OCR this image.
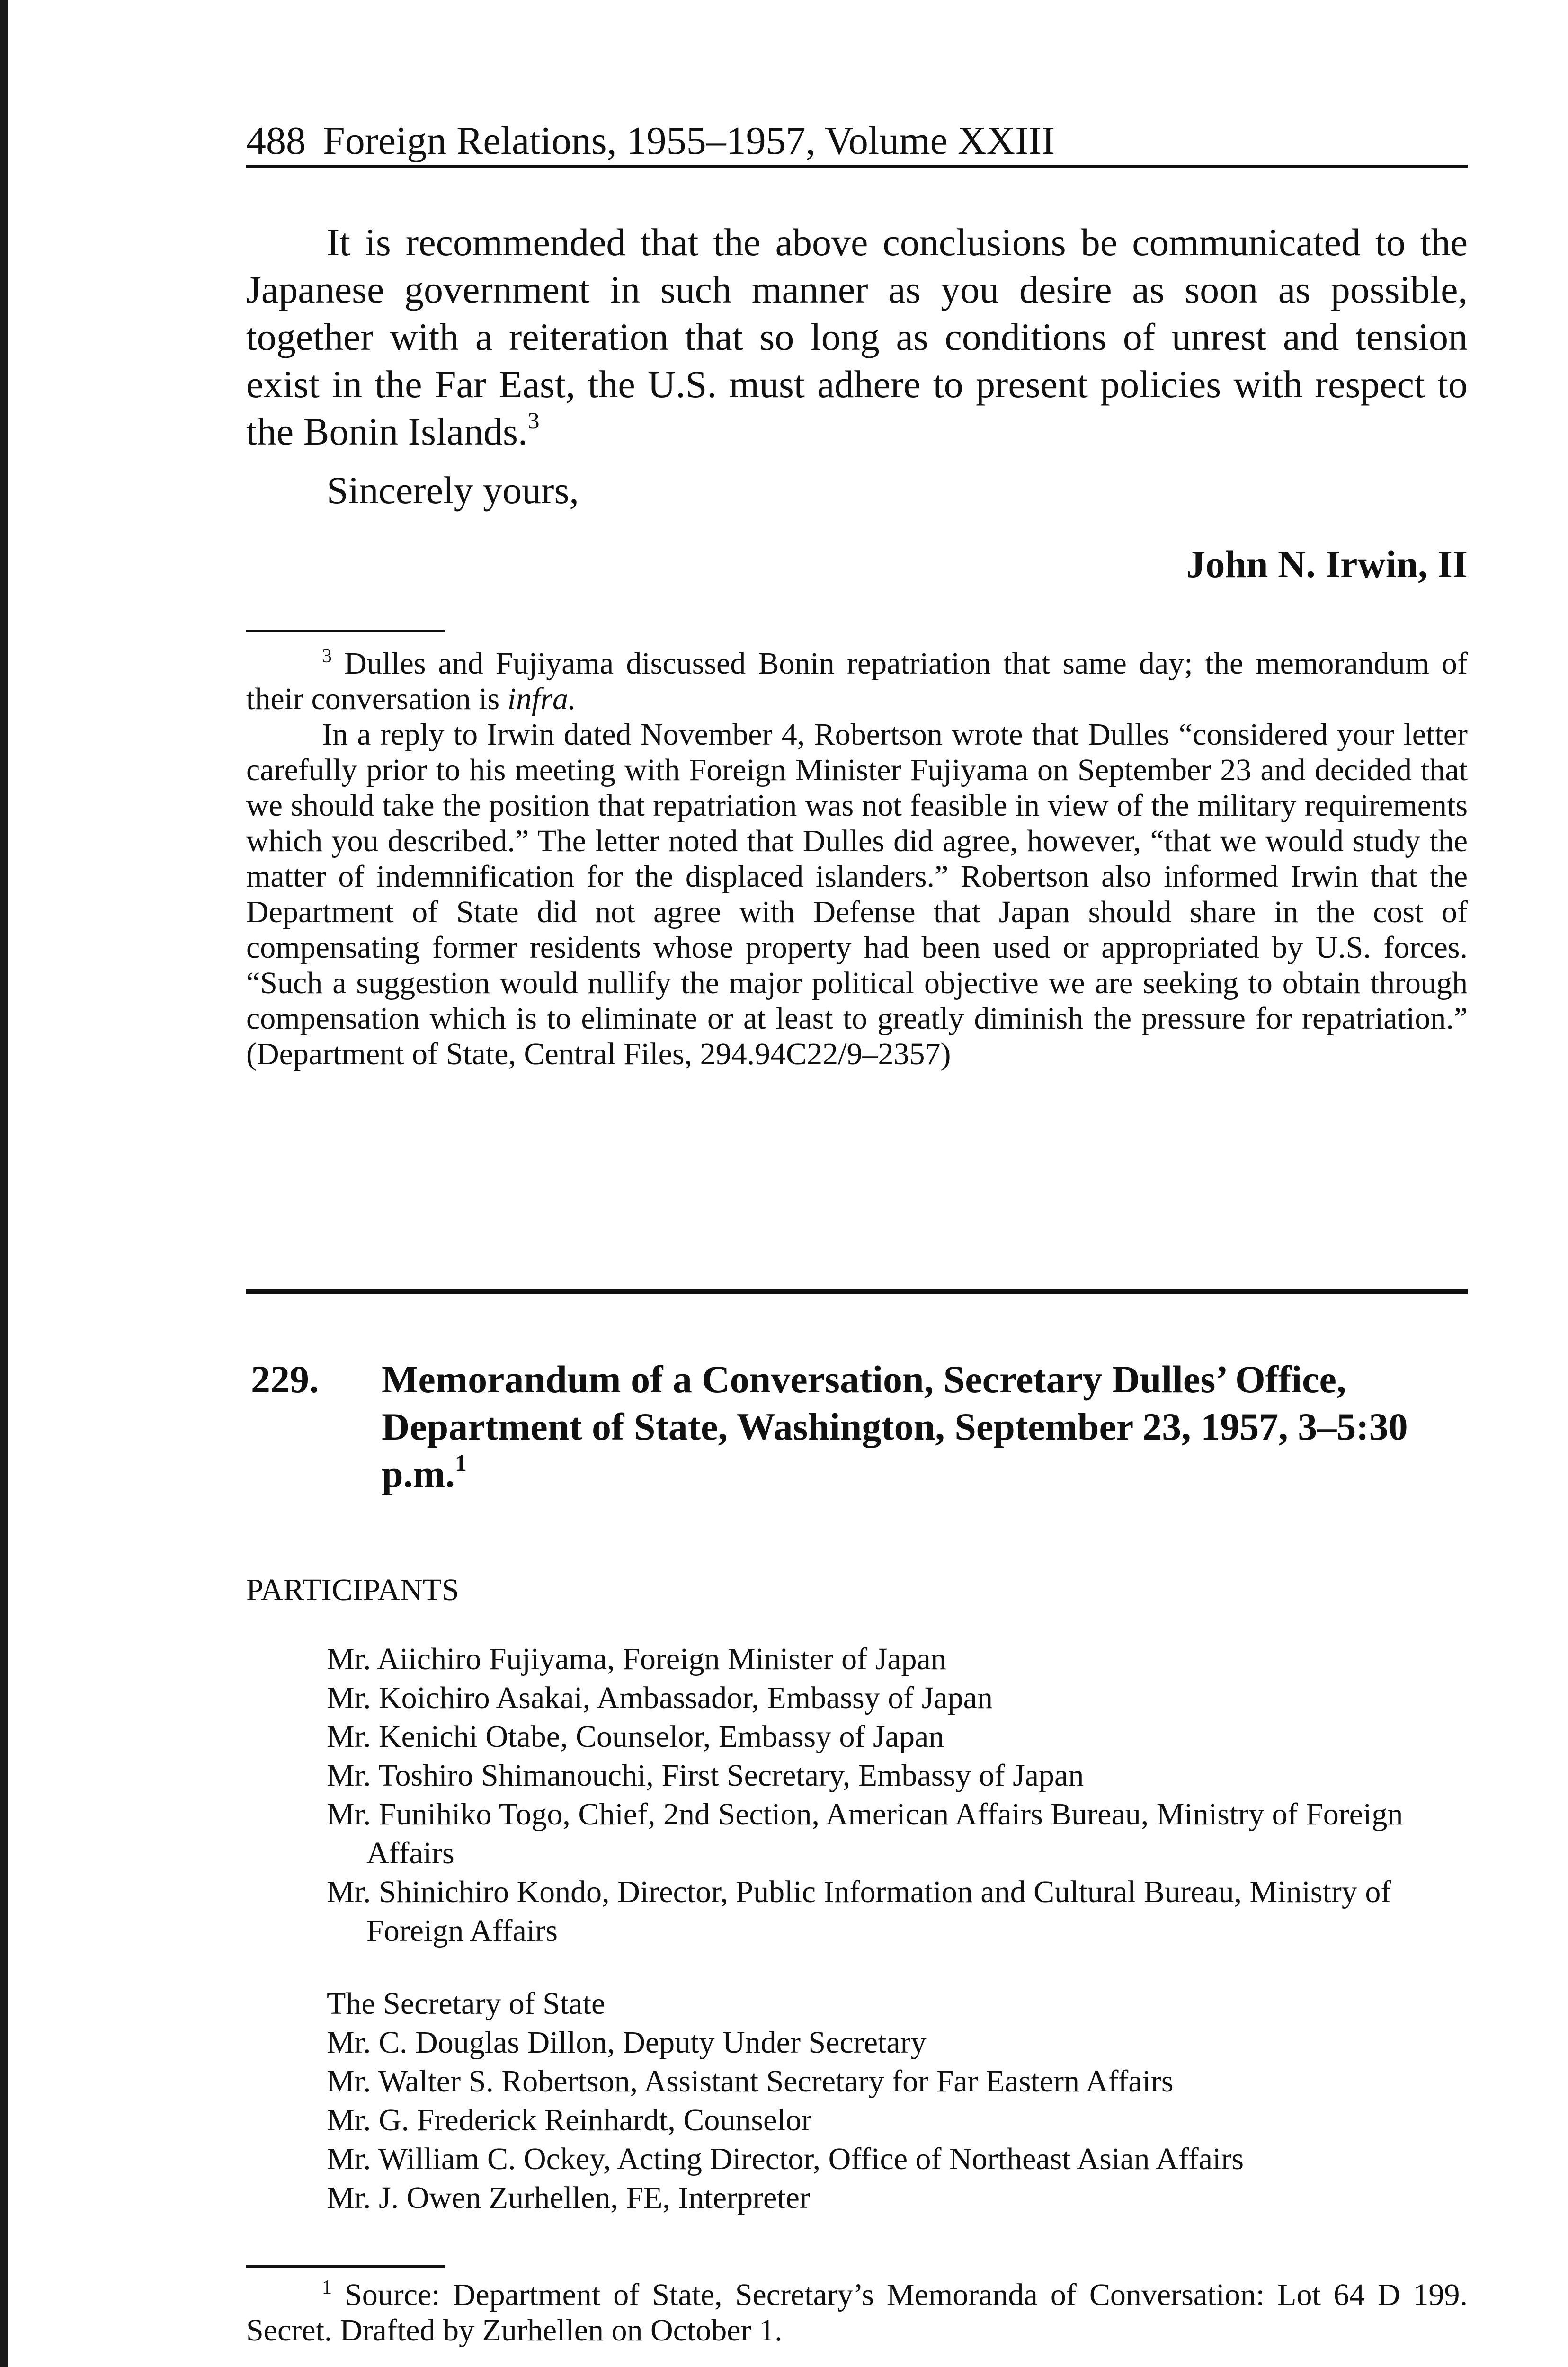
488 Foreign Relations, 1955–1957, Volume XXIII

It is recommended that the above conclusions be communicated to the Japanese government in such manner as you desire as soon as possible, together with a reiteration that so long as conditions of unrest and tension exist in the Far East, the U.S. must adhere to present policies with respect to the Bonin Islands.$^3$

Sincerely yours,
John N. Irwin, II

$^3$ Dulles and Fujiyama discussed Bonin repatriation that same day; the memorandum of their conversation is infra.

In a reply to Irwin dated November 4, Robertson wrote that Dulles “considered your letter carefully prior to his meeting with Foreign Minister Fujiyama on September 23 and decided that we should take the position that repatriation was not feasible in view of the military requirements which you described.” The letter noted that Dulles did agree, however, “that we would study the matter of indemnification for the displaced islanders.” Robertson also informed Irwin that the Department of State did not agree with Defense that Japan should share in the cost of compensating former residents whose property had been used or appropriated by U.S. forces. “Such a suggestion would nullify the major political objective we are seeking to obtain through compensation which is to eliminate or at least to greatly diminish the pressure for repatriation.” (Department of State, Central Files, 294.94C22/9–2357)

229. Memorandum of a Conversation, Secretary Dulles’ Office, Department of State, Washington, September 23, 1957, 3–5:30 p.m.$^1$
PARTICIPANTS
Mr. Aiichiro Fujiyama, Foreign Minister of Japan
Mr. Koichiro Asakai, Ambassador, Embassy of Japan
Mr. Kenichi Otabe, Counselor, Embassy of Japan
Mr. Toshiro Shimanouchi, First Secretary, Embassy of Japan
Mr. Funihiko Togo, Chief, 2nd Section, American Affairs Bureau, Ministry of Foreign Affairs
Mr. Shinichiro Kondo, Director, Public Information and Cultural Bureau, Ministry of Foreign Affairs
The Secretary of State
Mr. C. Douglas Dillon, Deputy Under Secretary
Mr. Walter S. Robertson, Assistant Secretary for Far Eastern Affairs
Mr. G. Frederick Reinhardt, Counselor
Mr. William C. Ockey, Acting Director, Office of Northeast Asian Affairs
Mr. J. Owen Zurhellen, FE, Interpreter

$^1$ Source: Department of State, Secretary’s Memoranda of Conversation: Lot 64 D 199. Secret. Drafted by Zurhellen on October 1.
